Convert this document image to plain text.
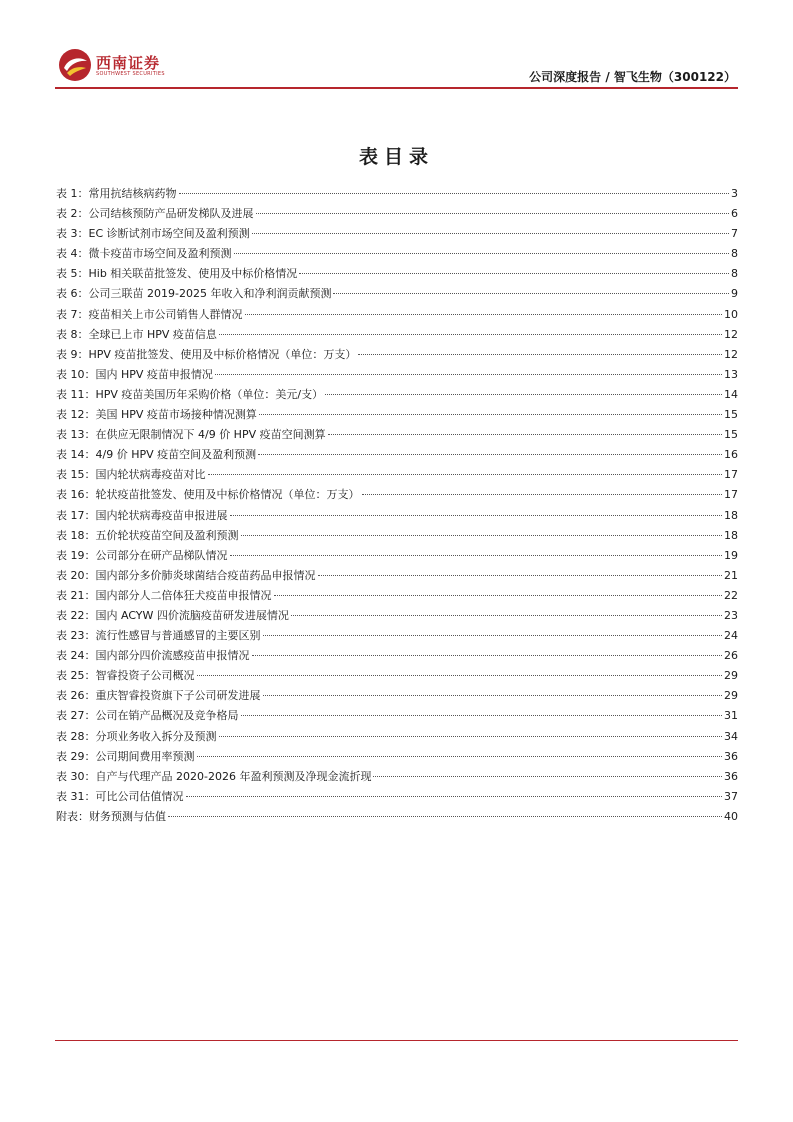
西南证券
SOUTHWEST SECURITIES	公司深度报告 / 智飞生物（300122）
表目录
表 1：常用抗结核病药物	3
表 2：公司结核预防产品研发梯队及进展	6
表 3：EC 诊断试剂市场空间及盈利预测	7
表 4：微卡疫苗市场空间及盈利预测	8
表 5：Hib 相关联苗批签发、使用及中标价格情况	8
表 6：公司三联苗 2019-2025 年收入和净利润贡献预测	9
表 7：疫苗相关上市公司销售人群情况	10
表 8：全球已上市 HPV 疫苗信息	12
表 9：HPV 疫苗批签发、使用及中标价格情况（单位：万支）	12
表 10：国内 HPV 疫苗申报情况	13
表 11：HPV 疫苗美国历年采购价格（单位：美元/支）	14
表 12：美国 HPV 疫苗市场接种情况测算	15
表 13：在供应无限制情况下 4/9 价 HPV 疫苗空间测算	15
表 14：4/9 价 HPV 疫苗空间及盈利预测	16
表 15：国内轮状病毒疫苗对比	17
表 16：轮状疫苗批签发、使用及中标价格情况（单位：万支）	17
表 17：国内轮状病毒疫苗申报进展	18
表 18：五价轮状疫苗空间及盈利预测	18
表 19：公司部分在研产品梯队情况	19
表 20：国内部分多价肺炎球菌结合疫苗药品申报情况	21
表 21：国内部分人二倍体狂犬疫苗申报情况	22
表 22：国内 ACYW 四价流脑疫苗研发进展情况	23
表 23：流行性感冒与普通感冒的主要区别	24
表 24：国内部分四价流感疫苗申报情况	26
表 25：智睿投资子公司概况	29
表 26：重庆智睿投资旗下子公司研发进展	29
表 27：公司在销产品概况及竞争格局	31
表 28：分项业务收入拆分及预测	34
表 29：公司期间费用率预测	36
表 30：自产与代理产品 2020-2026 年盈利预测及净现金流折现	36
表 31：可比公司估值情况	37
附表：财务预测与估值	40
